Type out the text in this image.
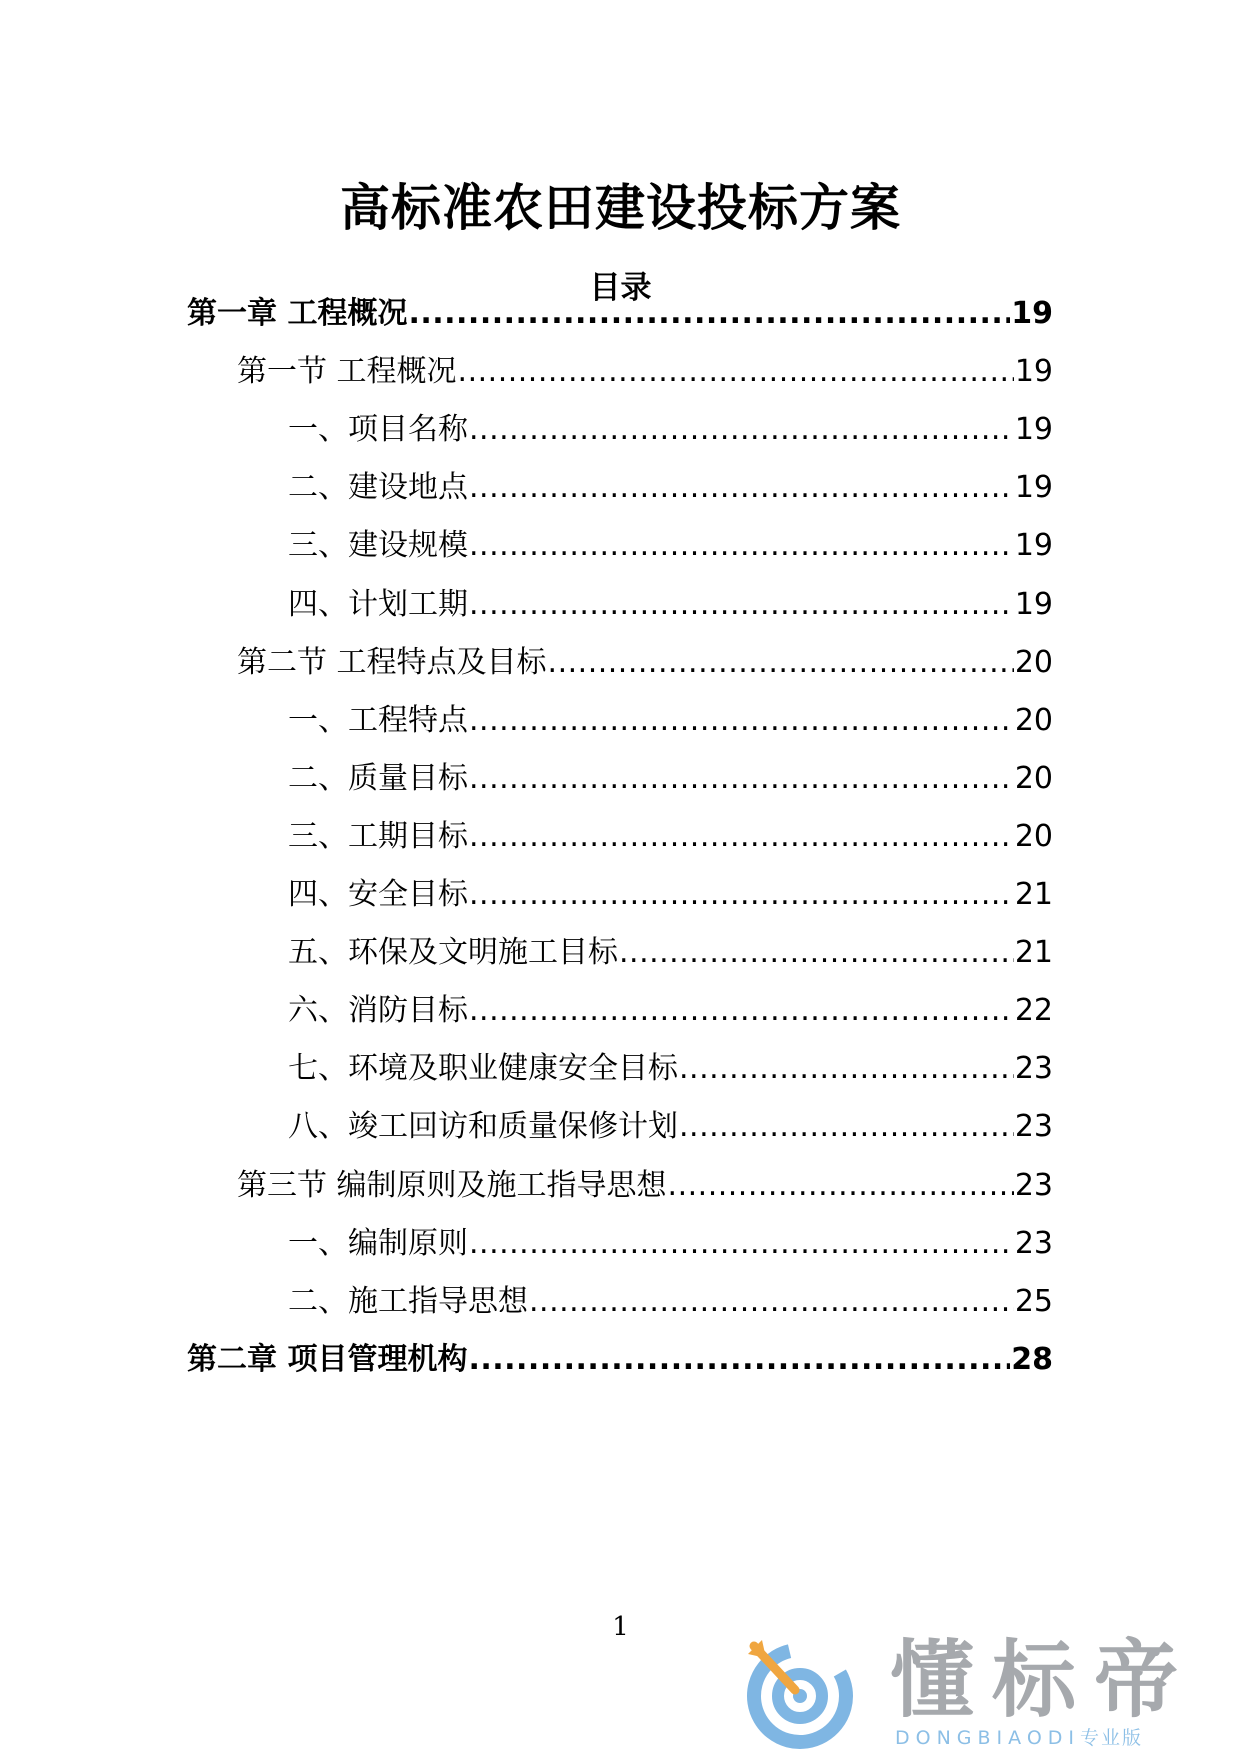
高标准农田建设投标方案
目录
第一章 工程概况 .....	19
第一节 工程概况 .....	19
一、项目名称 .....	19
二、建设地点 .....	19
三、建设规模 .....	19
四、计划工期 .....	19
第二节 工程特点及目标 .....	20
一、工程特点 .....	20
二、质量目标 .....	20
三、工期目标 .....	20
四、安全目标 .....	21
五、环保及文明施工目标 .....	21
六、消防目标 .....	22
七、环境及职业健康安全目标 .....	23
八、竣工回访和质量保修计划 .....	23
第三节 编制原则及施工指导思想 .....	23
一、编制原则 .....	23
二、施工指导思想 .....	25
第二章 项目管理机构 .....	28
1
懂标帝
DONGBIAODI专业版
